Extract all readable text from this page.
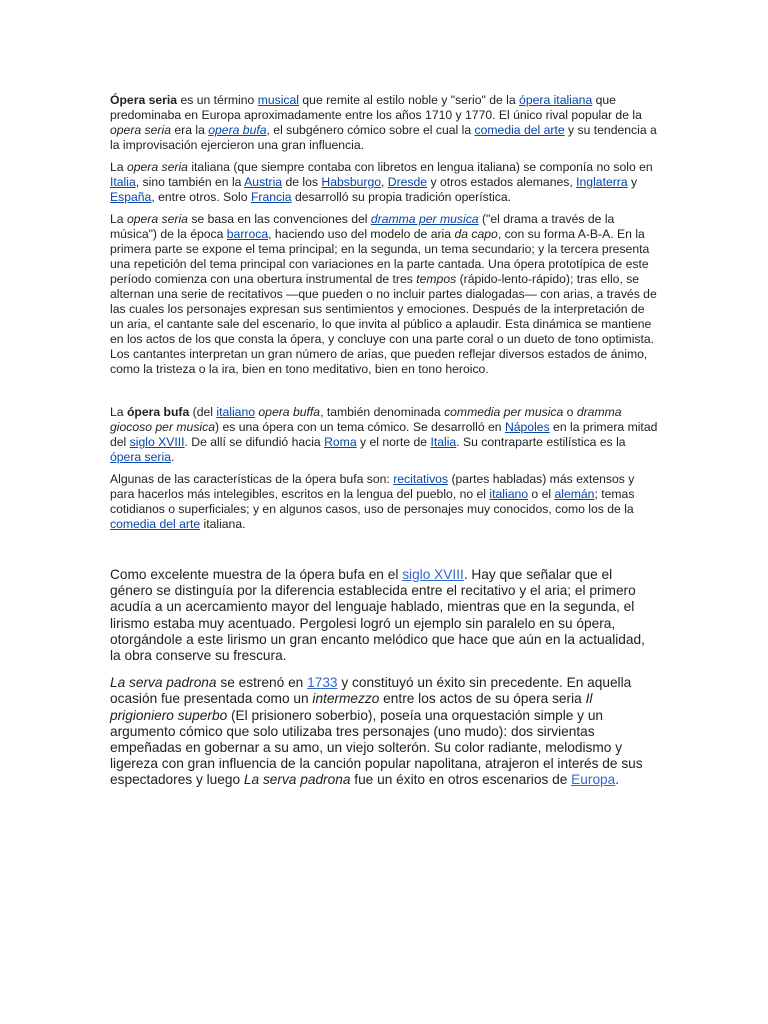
Ópera seria es un término musical que remite al estilo noble y "serio" de la ópera italiana que predominaba en Europa aproximadamente entre los años 1710 y 1770. El único rival popular de la opera seria era la opera bufa, el subgénero cómico sobre el cual la comedia del arte y su tendencia a la improvisación ejercieron una gran influencia.

La opera seria italiana (que siempre contaba con libretos en lengua italiana) se componía no solo en Italia, sino también en la Austria de los Habsburgo, Dresde y otros estados alemanes, Inglaterra y España, entre otros. Solo Francia desarrolló su propia tradición operística.

La opera seria se basa en las convenciones del dramma per musica ("el drama a través de la música") de la época barroca, haciendo uso del modelo de aria da capo, con su forma A-B-A. En la primera parte se expone el tema principal; en la segunda, un tema secundario; y la tercera presenta una repetición del tema principal con variaciones en la parte cantada. Una ópera prototípica de este período comienza con una obertura instrumental de tres tempos (rápido-lento-rápido); tras ello, se alternan una serie de recitativos —que pueden o no incluir partes dialogadas— con arias, a través de las cuales los personajes expresan sus sentimientos y emociones. Después de la interpretación de un aria, el cantante sale del escenario, lo que invita al público a aplaudir. Esta dinámica se mantiene en los actos de los que consta la ópera, y concluye con una parte coral o un dueto de tono optimista. Los cantantes interpretan un gran número de arias, que pueden reflejar diversos estados de ánimo, como la tristeza o la ira, bien en tono meditativo, bien en tono heroico.

La ópera bufa (del italiano opera buffa, también denominada commedia per musica o dramma giocoso per musica) es una ópera con un tema cómico. Se desarrolló en Nápoles en la primera mitad del siglo XVIII. De allí se difundió hacia Roma y el norte de Italia. Su contraparte estilística es la ópera seria.

Algunas de las características de la ópera bufa son: recitativos (partes habladas) más extensos y para hacerlos más intelegibles, escritos en la lengua del pueblo, no el italiano o el alemán; temas cotidianos o superficiales; y en algunos casos, uso de personajes muy conocidos, como los de la comedia del arte italiana.

Como excelente muestra de la ópera bufa en el siglo XVIII. Hay que señalar que el género se distinguía por la diferencia establecida entre el recitativo y el aria; el primero acudía a un acercamiento mayor del lenguaje hablado, mientras que en la segunda, el lirismo estaba muy acentuado. Pergolesi logró un ejemplo sin paralelo en su ópera, otorgándole a este lirismo un gran encanto melódico que hace que aún en la actualidad, la obra conserve su frescura.

La serva padrona se estrenó en 1733 y constituyó un éxito sin precedente. En aquella ocasión fue presentada como un intermezzo entre los actos de su ópera seria Il prigioniero superbo (El prisionero soberbio), poseía una orquestación simple y un argumento cómico que solo utilizaba tres personajes (uno mudo): dos sirvientas empeñadas en gobernar a su amo, un viejo solterón. Su color radiante, melodismo y ligereza con gran influencia de la canción popular napolitana, atrajeron el interés de sus espectadores y luego La serva padrona fue un éxito en otros escenarios de Europa.
